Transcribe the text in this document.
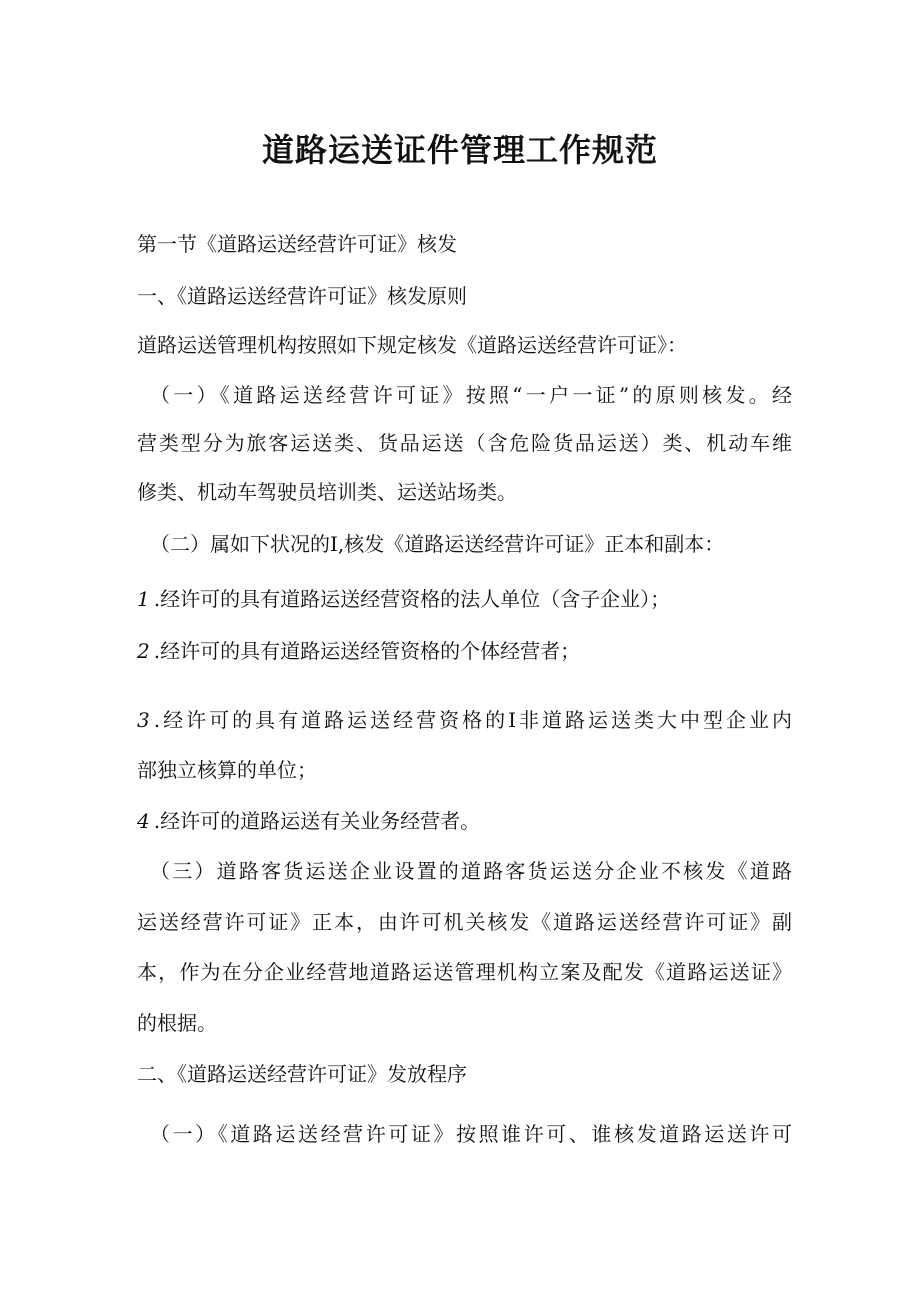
道路运送证件管理工作规范

第一节《道路运送经营许可证》核发

一、《道路运送经营许可证》核发原则

道路运送管理机构按照如下规定核发《道路运送经营许可证》：

（一）《道路运送经营许可证》按照“一户一证”的原则核发。经

营类型分为旅客运送类、货品运送（含危险货品运送）类、机动车维

修类、机动车驾驶员培训类、运送站场类。

（二）属如下状况的I,核发《道路运送经营许可证》正本和副本：

1 .经许可的具有道路运送经营资格的法人单位（含子企业）；

2 .经许可的具有道路运送经管资格的个体经营者；

3 .经许可的具有道路运送经营资格的I非道路运送类大中型企业内

部独立核算的单位；

4 .经许可的道路运送有关业务经营者。

（三）道路客货运送企业设置的道路客货运送分企业不核发《道路

运送经营许可证》正本，由许可机关核发《道路运送经营许可证》副

本，作为在分企业经营地道路运送管理机构立案及配发《道路运送证》

的根据。

二、《道路运送经营许可证》发放程序

（一）《道路运送经营许可证》按照谁许可、谁核发道路运送许可
